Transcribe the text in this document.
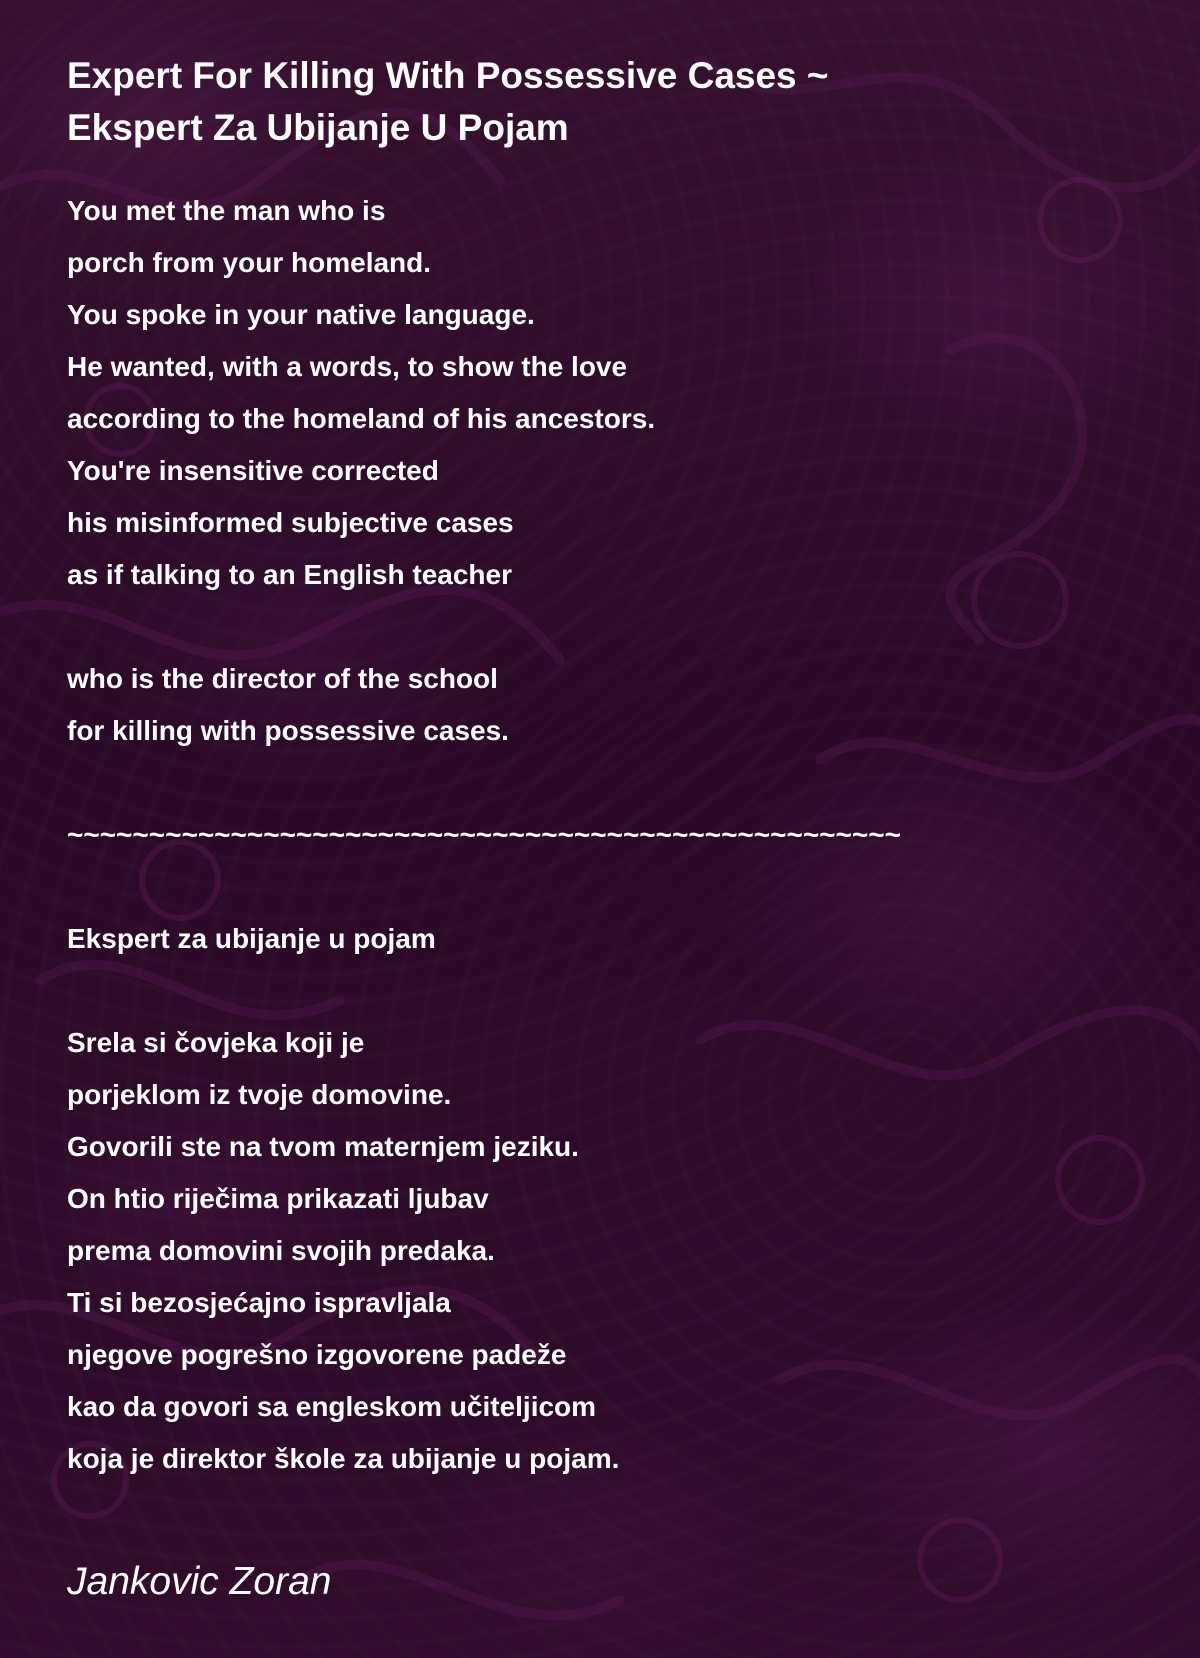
Expert For Killing With Possessive Cases ~
Ekspert Za Ubijanje U Pojam
You met the man who is
porch from your homeland.
You spoke in your native language.
He wanted, with a words, to show the love
according to the homeland of his ancestors.
You're insensitive corrected
his misinformed subjective cases
as if talking to an English teacher
who is the director of the school
for killing with possessive cases.
~~~~~~~~~~~~~~~~~~~~~~~~~~~~~~~~~~~~~~~~~~~~~~~~~~~
Ekspert za ubijanje u pojam
Srela si čovjeka koji je
porjeklom iz tvoje domovine.
Govorili ste na tvom maternjem jeziku.
On htio riječima prikazati ljubav
prema domovini svojih predaka.
Ti si bezosjećajno ispravljala
njegove pogrešno izgovorene padeže
kao da govori sa engleskom učiteljicom
koja je direktor škole za ubijanje u pojam.
Jankovic Zoran
